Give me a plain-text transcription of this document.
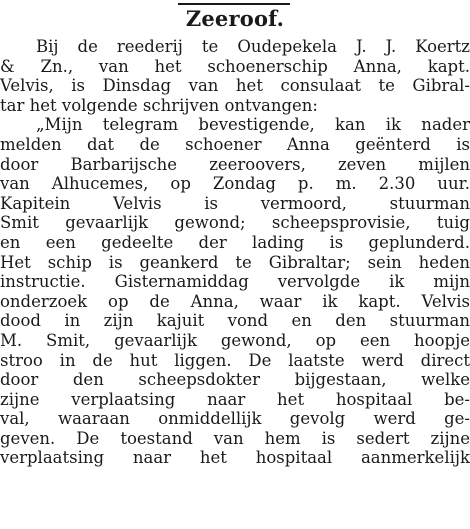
Zeeroof.
Bij de reederij te Oudepekela J. J. Koertz
& Zn., van het schoenerschip Anna, kapt.
Velvis, is Dinsdag van het consulaat te Gibral-
tar het volgende schrijven ontvangen:
„Mijn telegram bevestigende, kan ik nader
melden dat de schoener Anna geënterd is
door Barbarijsche zeeroovers, zeven mijlen
van Alhucemes, op Zondag p. m. 2.30 uur.
Kapitein Velvis is vermoord, stuurman
Smit gevaarlijk gewond; scheepsprovisie, tuig
en een gedeelte der lading is geplunderd.
Het schip is geankerd te Gibraltar; sein heden
instructie. Gisternamiddag vervolgde ik mijn
onderzoek op de Anna, waar ik kapt. Velvis
dood in zijn kajuit vond en den stuurman
M. Smit, gevaarlijk gewond, op een hoopje
stroo in de hut liggen. De laatste werd direct
door den scheepsdokter bijgestaan, welke
zijne verplaatsing naar het hospitaal be-
val, waaraan onmiddellijk gevolg werd ge-
geven. De toestand van hem is sedert zijne
verplaatsing naar het hospitaal aanmerkelijk
